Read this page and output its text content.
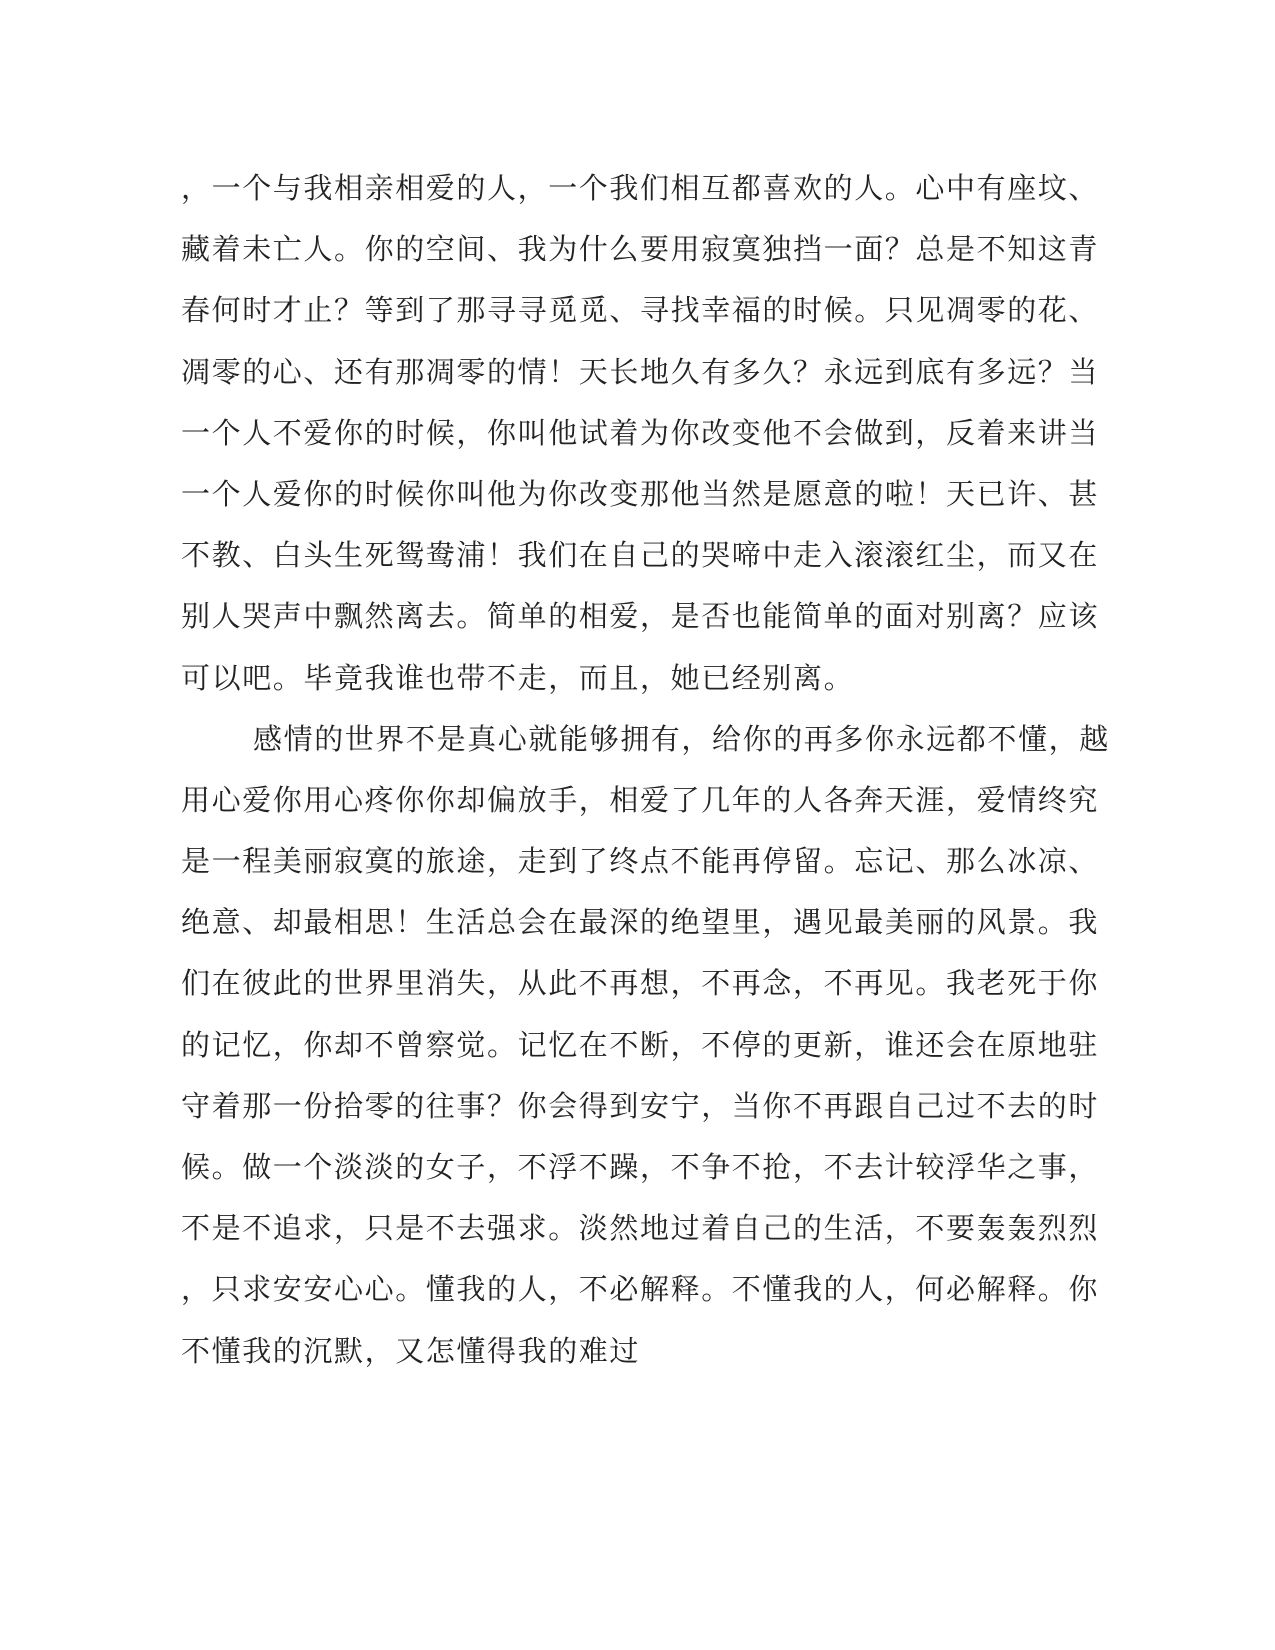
，一个与我相亲相爱的人，一个我们相互都喜欢的人。心中有座坟、
藏着未亡人。你的空间、我为什么要用寂寞独挡一面？总是不知这青
春何时才止？等到了那寻寻觅觅、寻找幸福的时候。只见凋零的花、
凋零的心、还有那凋零的情！天长地久有多久？永远到底有多远？当
一个人不爱你的时候，你叫他试着为你改变他不会做到，反着来讲当
一个人爱你的时候你叫他为你改变那他当然是愿意的啦！天已许、甚
不教、白头生死鸳鸯浦！我们在自己的哭啼中走入滚滚红尘，而又在
别人哭声中飘然离去。简单的相爱，是否也能简单的面对别离？应该
可以吧。毕竟我谁也带不走，而且，她已经别离。
感情的世界不是真心就能够拥有，给你的再多你永远都不懂，越
用心爱你用心疼你你却偏放手，相爱了几年的人各奔天涯，爱情终究
是一程美丽寂寞的旅途，走到了终点不能再停留。忘记、那么冰凉、
绝意、却最相思！生活总会在最深的绝望里，遇见最美丽的风景。我
们在彼此的世界里消失，从此不再想，不再念，不再见。我老死于你
的记忆，你却不曾察觉。记忆在不断，不停的更新，谁还会在原地驻
守着那一份拾零的往事？你会得到安宁，当你不再跟自己过不去的时
候。做一个淡淡的女子，不浮不躁，不争不抢，不去计较浮华之事，
不是不追求，只是不去强求。淡然地过着自己的生活，不要轰轰烈烈
，只求安安心心。懂我的人，不必解释。不懂我的人，何必解释。你
不懂我的沉默，又怎懂得我的难过
